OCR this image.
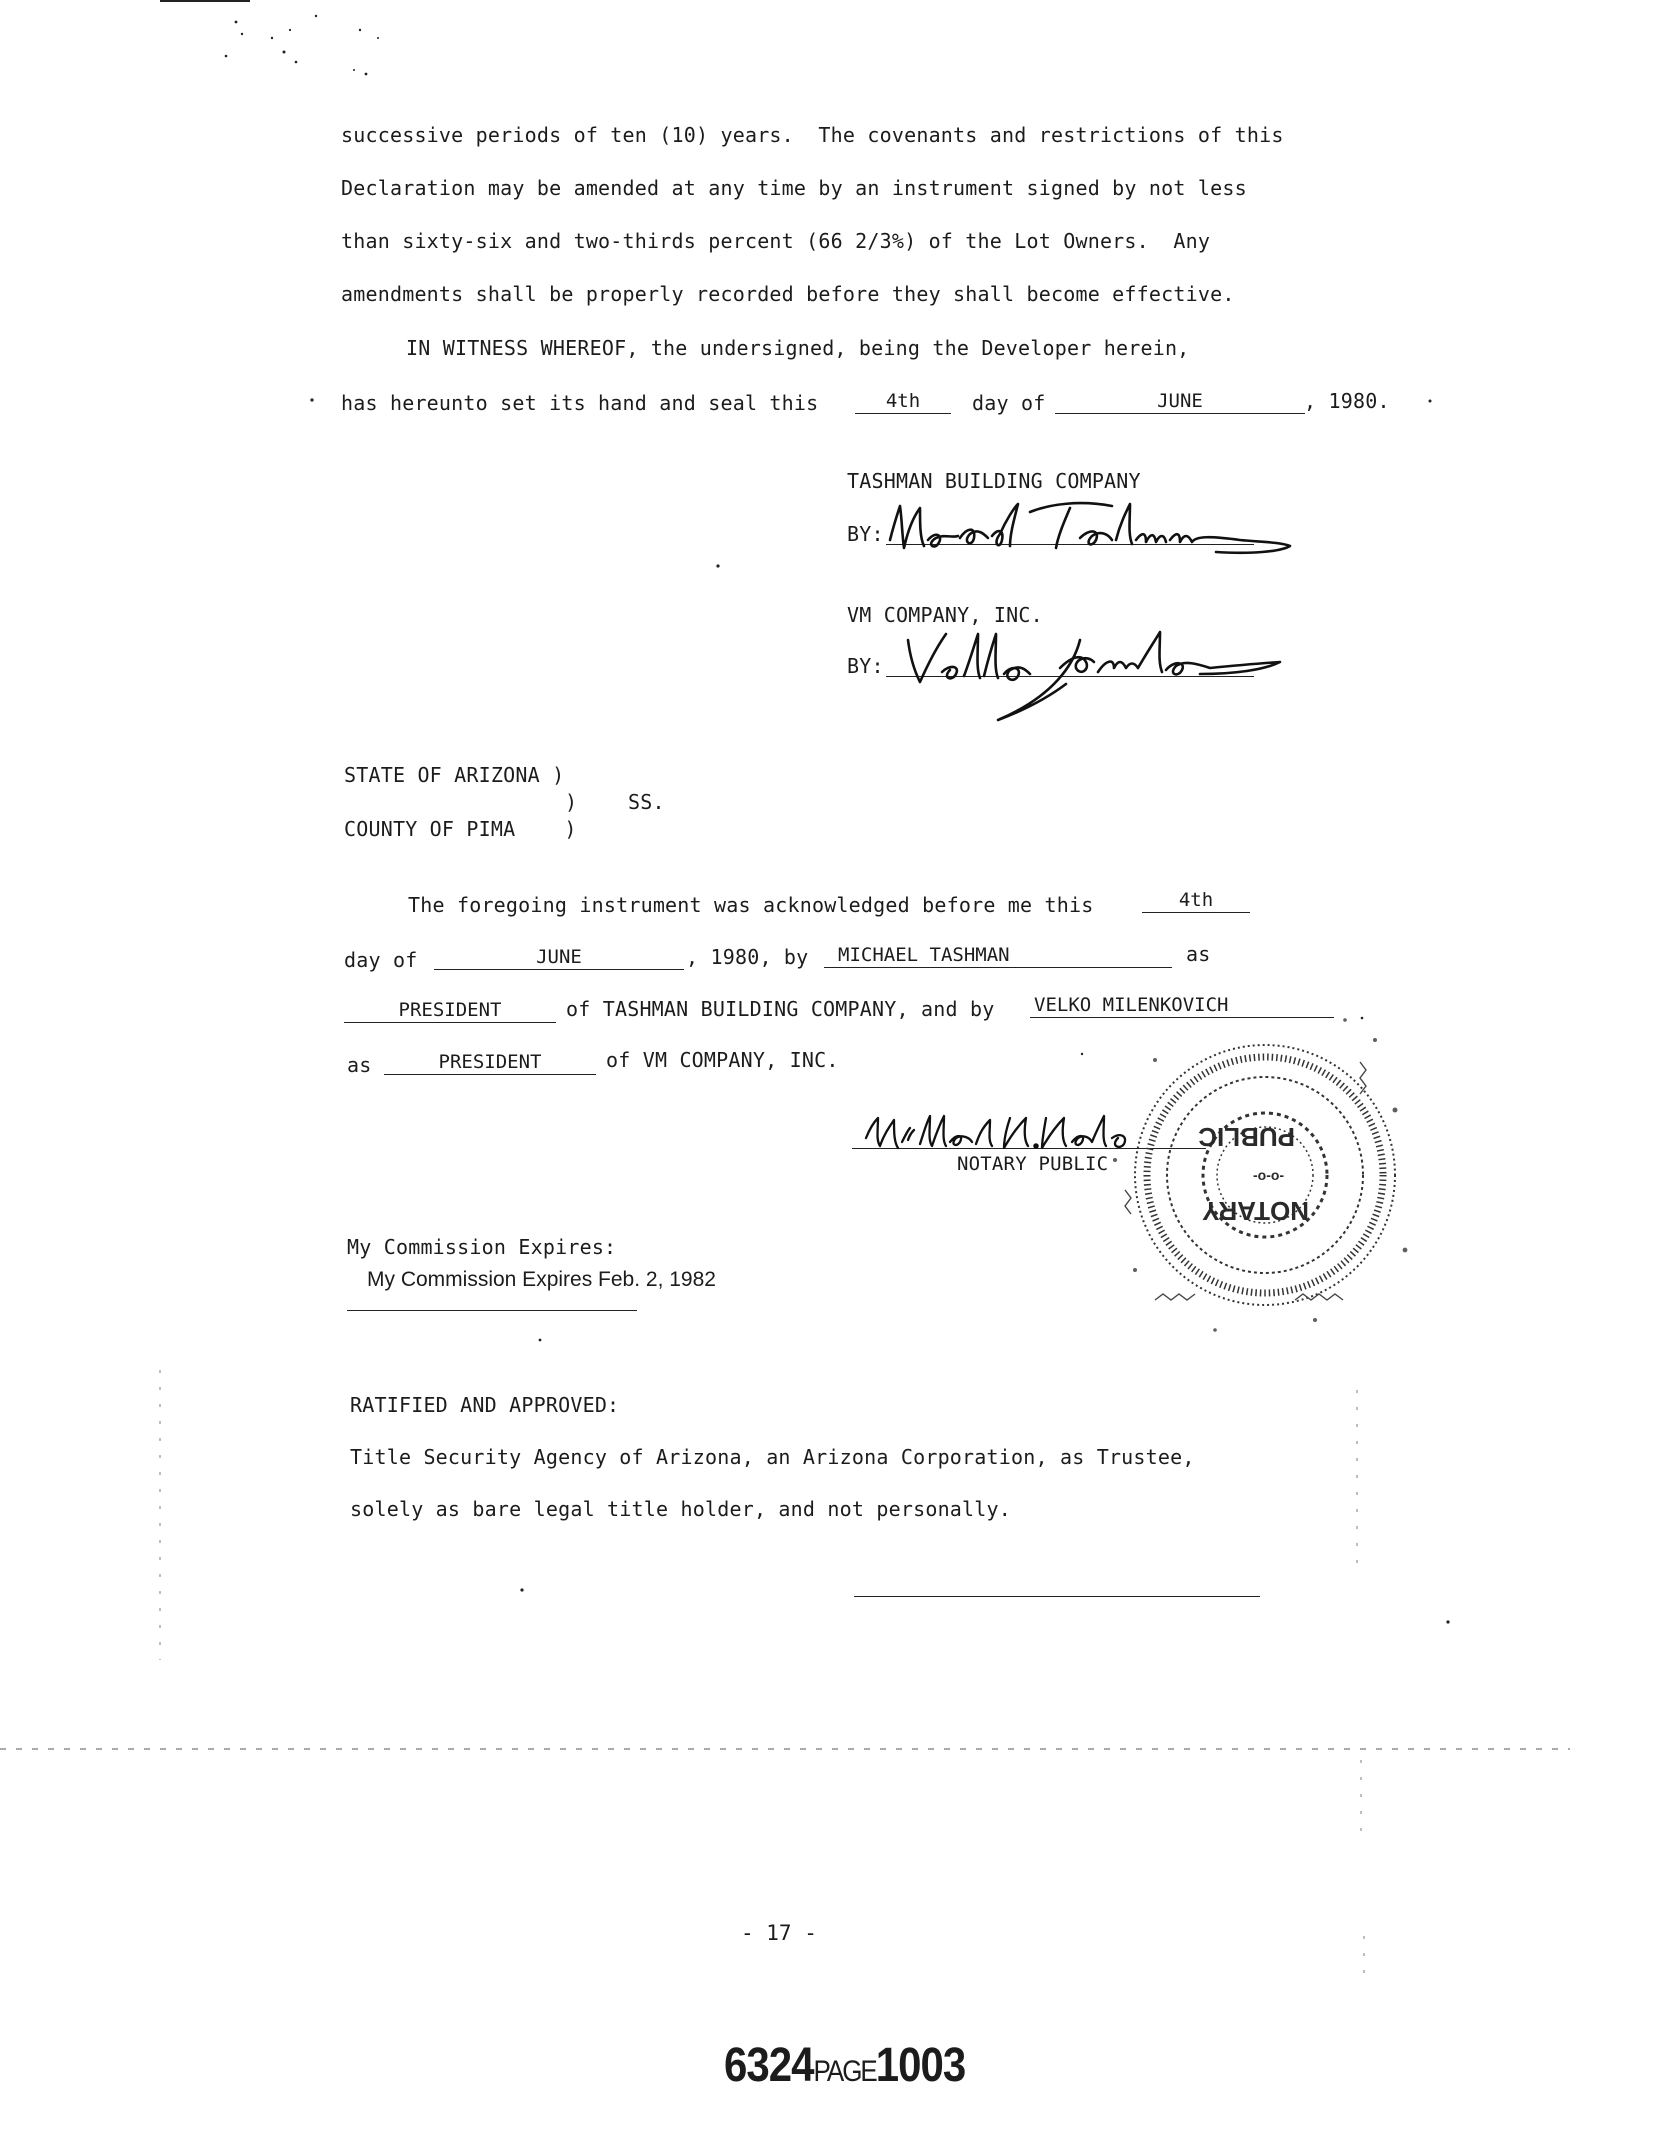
successive periods of ten (10) years.  The covenants and restrictions of this
Declaration may be amended at any time by an instrument signed by not less
than sixty-six and two-thirds percent (66 2/3%) of the Lot Owners.  Any
amendments shall be properly recorded before they shall become effective.
IN WITNESS WHEREOF, the undersigned, being the Developer herein,
has hereunto set its hand and seal this	4th	day of	JUNE	, 1980.
TASHMAN BUILDING COMPANY
BY:
VM COMPANY, INC.
BY:
STATE OF ARIZONA )
)	SS.
COUNTY OF PIMA    )
The foregoing instrument was acknowledged before me this	4th
day of	JUNE	, 1980, by	MICHAEL TASHMAN	as
PRESIDENT	of TASHMAN BUILDING COMPANY, and by VELKO MILENKOVICH
as	PRESIDENT	of VM COMPANY, INC.
NOTARY PUBLIC
PUBLIC
NOTARY
-o-o-
My Commission Expires:
My Commission Expires Feb. 2, 1982
RATIFIED AND APPROVED:
Title Security Agency of Arizona, an Arizona Corporation, as Trustee,
solely as bare legal title holder, and not personally.
- 17 -
6324PAGE1003
